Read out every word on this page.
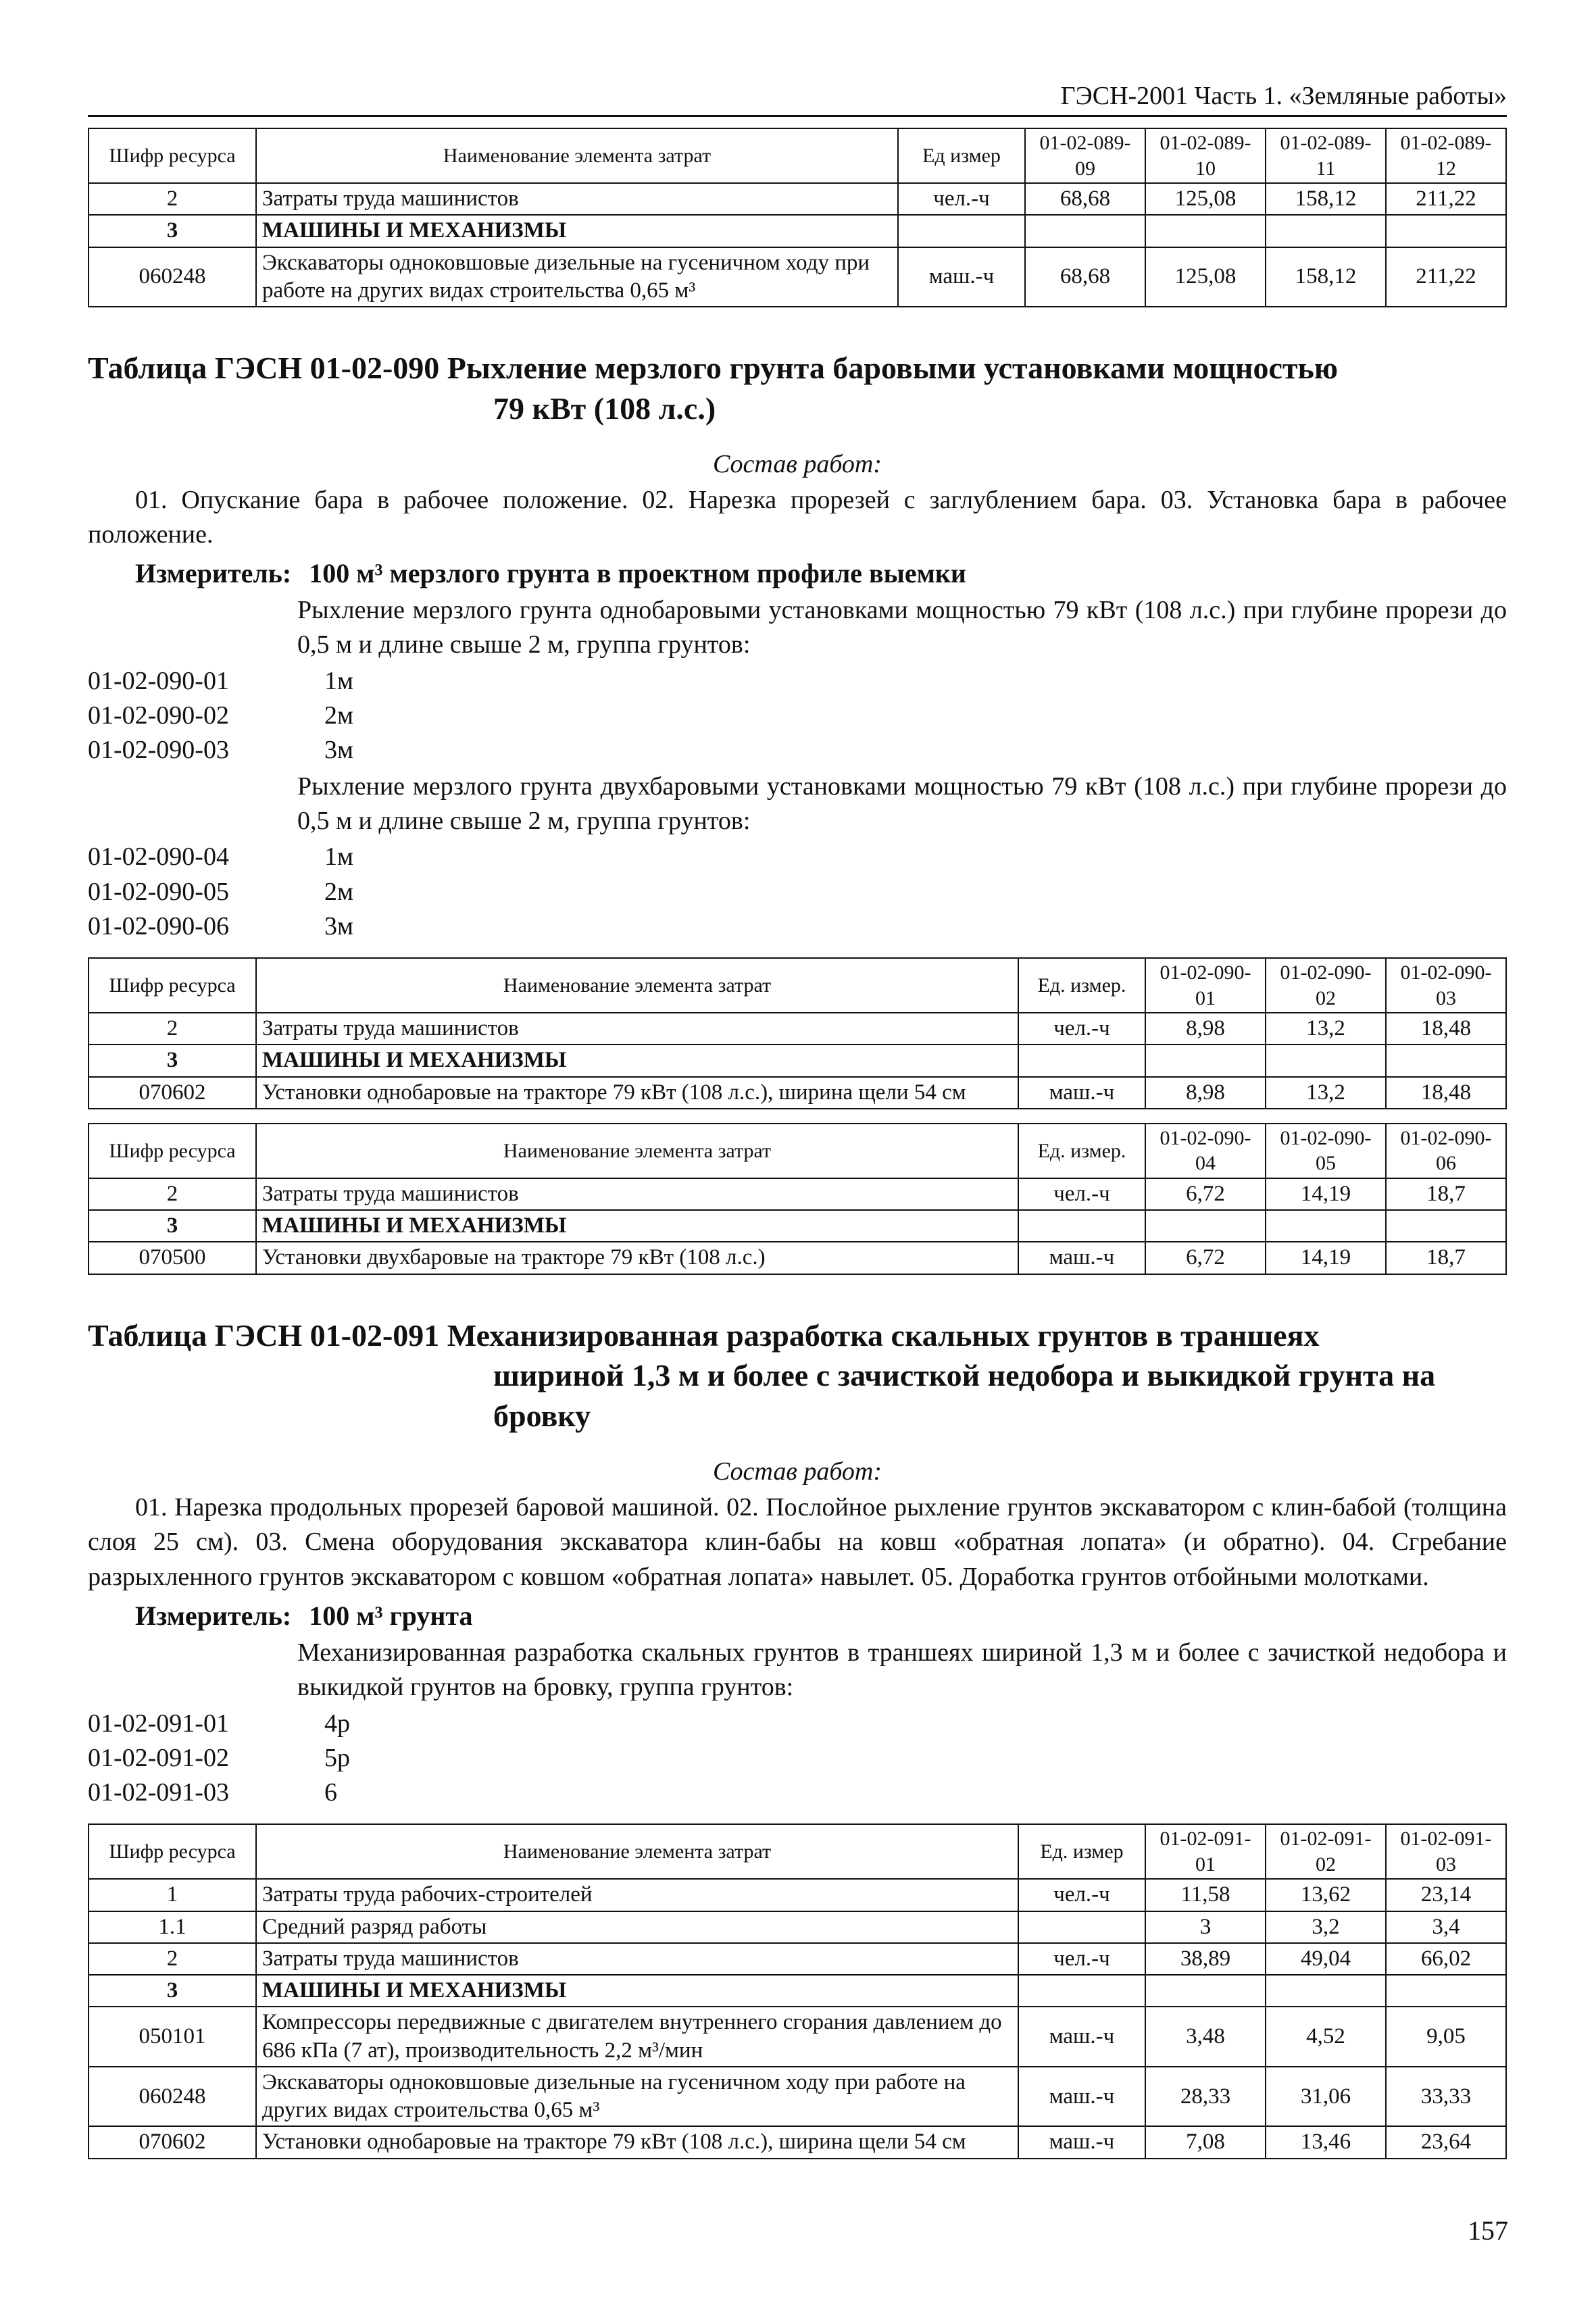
ГЭСН-2001 Часть 1. «Земляные работы»
Шифр ресурса	Наименование элемента затрат	Ед измер	01-02-089-09	01-02-089-10	01-02-089-11	01-02-089-12
2	Затраты труда машинистов	чел.-ч	68,68	125,08	158,12	211,22
3	МАШИНЫ И МЕХАНИЗМЫ					
060248	Экскаваторы одноковшовые дизельные на гусеничном ходу при работе на других видах строительства 0,65 м³	маш.-ч	68,68	125,08	158,12	211,22
Таблица ГЭСН 01-02-090 Рыхление мерзлого грунта баровыми установками мощностью
79 кВт (108 л.с.)
Состав работ:

01. Опускание бара в рабочее положение. 02. Нарезка прорезей с заглублением бара. 03. Установка бара в рабочее положение.

Измеритель: 100 м³ мерзлого грунта в проектном профиле выемки
Рыхление мерзлого грунта однобаровыми установками мощностью 79 кВт (108 л.с.) при глубине прорези до 0,5 м и длине свыше 2 м, группа грунтов:
01-02-090-01	1м
01-02-090-02	2м
01-02-090-03	3м
Рыхление мерзлого грунта двухбаровыми установками мощностью 79 кВт (108 л.с.) при глубине прорези до 0,5 м и длине свыше 2 м, группа грунтов:
01-02-090-04	1м
01-02-090-05	2м
01-02-090-06	3м
Шифр ресурса	Наименование элемента затрат	Ед. измер.	01-02-090-01	01-02-090-02	01-02-090-03
2	Затраты труда машинистов	чел.-ч	8,98	13,2	18,48
3	МАШИНЫ И МЕХАНИЗМЫ				
070602	Установки однобаровые на тракторе 79 кВт (108 л.с.), ширина щели 54 см	маш.-ч	8,98	13,2	18,48
Шифр ресурса	Наименование элемента затрат	Ед. измер.	01-02-090-04	01-02-090-05	01-02-090-06
2	Затраты труда машинистов	чел.-ч	6,72	14,19	18,7
3	МАШИНЫ И МЕХАНИЗМЫ				
070500	Установки двухбаровые на тракторе 79 кВт (108 л.с.)	маш.-ч	6,72	14,19	18,7
Таблица ГЭСН 01-02-091 Механизированная разработка скальных грунтов в траншеях
шириной 1,3 м и более с зачисткой недобора и выкидкой грунта на бровку
Состав работ:

01. Нарезка продольных прорезей баровой машиной. 02. Послойное рыхление грунтов экскаватором с клин-бабой (толщина слоя 25 см). 03. Смена оборудования экскаватора клин-бабы на ковш «обратная лопата» (и обратно). 04. Сгребание разрыхленного грунтов экскаватором с ковшом «обратная лопата» навылет. 05. Доработка грунтов отбойными молотками.

Измеритель: 100 м³ грунта
Механизированная разработка скальных грунтов в траншеях шириной 1,3 м и более с зачисткой недобора и выкидкой грунтов на бровку, группа грунтов:
01-02-091-01	4р
01-02-091-02	5р
01-02-091-03	6
Шифр ресурса	Наименование элемента затрат	Ед. измер	01-02-091-01	01-02-091-02	01-02-091-03
1	Затраты труда рабочих-строителей	чел.-ч	11,58	13,62	23,14
1.1	Средний разряд работы		3	3,2	3,4
2	Затраты труда машинистов	чел.-ч	38,89	49,04	66,02
3	МАШИНЫ И МЕХАНИЗМЫ				
050101	Компрессоры передвижные с двигателем внутреннего сгорания давлением до 686 кПа (7 ат), производительность 2,2 м³/мин	маш.-ч	3,48	4,52	9,05
060248	Экскаваторы одноковшовые дизельные на гусеничном ходу при работе на других видах строительства 0,65 м³	маш.-ч	28,33	31,06	33,33
070602	Установки однобаровые на тракторе 79 кВт (108 л.с.), ширина щели 54 см	маш.-ч	7,08	13,46	23,64
157
